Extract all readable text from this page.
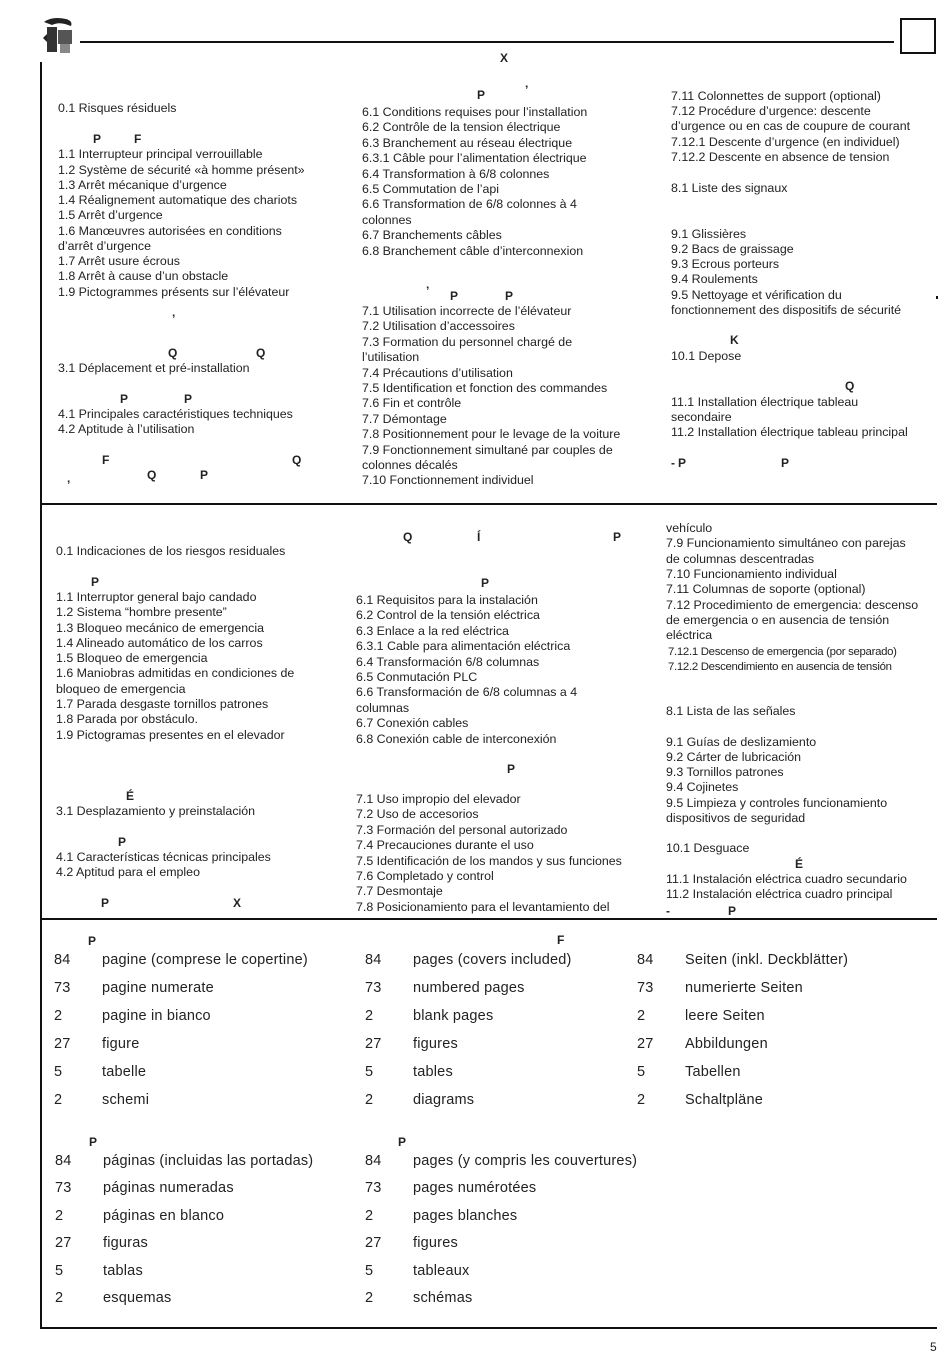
X
0.1 Risques résiduels
1.1 Interrupteur principal verrouillable
1.2 Système de sécurité «à homme présent»
1.3 Arrêt mécanique d’urgence
1.4 Réalignement automatique des chariots
1.5 Arrêt d’urgence
1.6 Manœuvres autorisées en conditions
d’arrêt d’urgence
1.7 Arrêt usure écrous
1.8 Arrêt à cause d’un obstacle
1.9 Pictogrammes présents sur l’élévateur
3.1 Déplacement et pré-installation
4.1 Principales caractéristiques techniques
4.2 Aptitude à l’utilisation
6.1 Conditions requises pour l’installation
6.2 Contrôle de la tension électrique
6.3 Branchement au réseau électrique
6.3.1 Câble pour l’alimentation électrique
6.4 Transformation à 6/8 colonnes
6.5 Commutation de l’api
6.6 Transformation de 6/8 colonnes à 4
colonnes
6.7 Branchements câbles
6.8 Branchement câble d’interconnexion
7.1 Utilisation incorrecte de l’élévateur
7.2 Utilisation d’accessoires
7.3 Formation du personnel chargé de
l’utilisation
7.4 Précautions d’utilisation
7.5 Identification et fonction des commandes
7.6 Fin et contrôle
7.7 Démontage
7.8 Positionnement pour le levage de la voiture
7.9 Fonctionnement simultané par couples de
colonnes décalés
7.10 Fonctionnement individuel
7.11 Colonnettes de support (optional)
7.12 Procédure d’urgence: descente
d’urgence ou en cas de coupure de courant
7.12.1 Descente d’urgence (en individuel)
7.12.2 Descente en absence de tension
8.1 Liste des signaux
9.1 Glissières
9.2 Bacs de graissage
9.3 Ecrous porteurs
9.4 Roulements
9.5 Nettoyage et vérification du
fonctionnement des dispositifs de sécurité
10.1 Depose
11.1 Installation électrique tableau
secondaire
11.2 Installation électrique tableau principal
P	F
’
Q	Q
P	P
F	Q
’
Q	P
P	’
’ P	P
K
Q
- P	P
0.1 Indicaciones de los riesgos residuales
1.1 Interruptor general bajo candado
1.2 Sistema “hombre presente”
1.3 Bloqueo mecánico de emergencia
1.4 Alineado automático de los carros
1.5 Bloqueo de emergencia
1.6 Maniobras admitidas en condiciones de
bloqueo de emergencia
1.7 Parada desgaste tornillos patrones
1.8 Parada por obstáculo.
1.9 Pictogramas presentes en el elevador
3.1 Desplazamiento y preinstalación
4.1 Características técnicas principales
4.2 Aptitud para el empleo
6.1 Requisitos para la instalación
6.2 Control de la tensión eléctrica
6.3 Enlace a la red eléctrica
6.3.1 Cable para alimentación eléctrica
6.4 Transformación 6/8 columnas
6.5 Conmutación PLC
6.6 Transformación de 6/8 columnas a 4
columnas
6.7 Conexión cables
6.8 Conexión cable de interconexión
7.1 Uso impropio del elevador
7.2 Uso de accesorios
7.3 Formación del personal autorizado
7.4 Precauciones durante el uso
7.5 Identificación de los mandos y sus funciones
7.6 Completado y control
7.7 Desmontaje
7.8 Posicionamiento para el levantamiento del
vehículo
7.9 Funcionamiento simultáneo con parejas
de columnas descentradas
7.10 Funcionamiento individual
7.11 Columnas de soporte (optional)
7.12 Procedimiento de emergencia: descenso
de emergencia o en ausencia de tensión
eléctrica
8.1 Lista de las señales
9.1 Guías de deslizamiento
9.2 Cárter de lubricación
9.3 Tornillos patrones
9.4 Cojinetes
9.5 Limpieza y controles funcionamiento
dispositivos de seguridad
10.1 Desguace
11.1 Instalación eléctrica cuadro secundario
11.2 Instalación eléctrica cuadro principal
7.12.1 Descenso de emergencia (por separado)
7.12.2 Descendimiento en ausencia de tensión
Q	Í	P
P	P
P
É
É
P
P	X
-	P
84 pagine (comprese le copertine)
73 pagine numerate
2	pagine in bianco
27 figure
5	tabelle
2	schemi
84 pages (covers included)
73 numbered pages
2	blank pages
27 figures
5	tables
2	diagrams
84 Seiten (inkl. Deckblätter)
73 numerierte Seiten
2	leere Seiten
27 Abbildungen
5	Tabellen
2	Schaltpläne
84 páginas (incluidas las portadas)
73 páginas numeradas
2	páginas en blanco
27 figuras
5	tablas
2	esquemas
84 pages (y compris les couvertures)
73 pages numérotées
2	pages blanches
27 figures
5	tableaux
2	schémas
P	F
P	P
5
